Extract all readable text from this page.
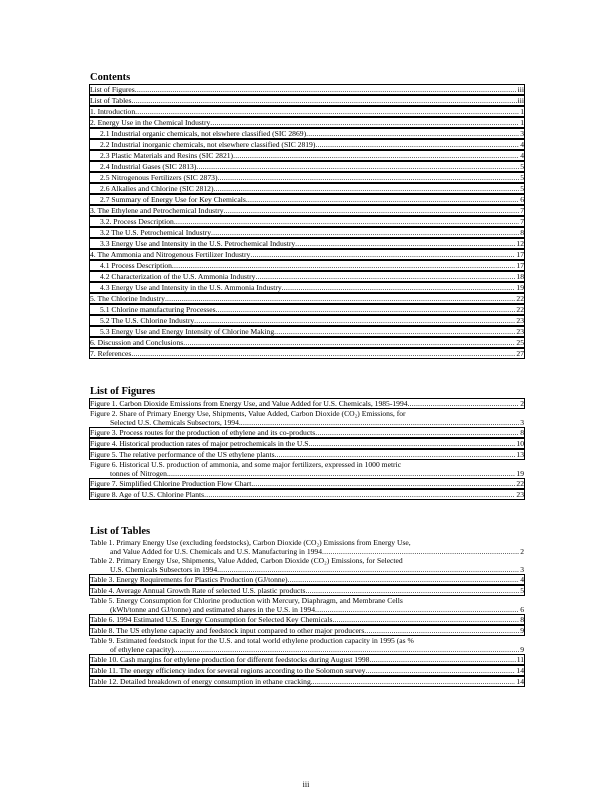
Contents
List of Figures .....	iii
List of Tables .....	iii
1. Introduction .....	1
2. Energy Use in the Chemical Industry .....	1
2.1 Industrial organic chemicals, not elswhere classified (SIC 2869) .....	3
2.2 Industrial inorganic chemicals, not elsewhere classified (SIC 2819) .....	4
2.3 Plastic Materials and Resins (SIC 2821) .....	4
2.4 Industrial Gases (SIC 2813) .....	5
2.5 Nitrogenous Fertilizers (SIC 2873) .....	5
2.6 Alkalies and Chlorine (SIC 2812) .....	5
2.7 Summary of Energy Use for Key Chemicals .....	6
3. The Ethylene and Petrochemical Industry .....	7
3.2. Process Description .....	7
3.2 The U.S. Petrochemical Industry .....	8
3.3 Energy Use and Intensity in the U.S. Petrochemical Industry .....	12
4. The Ammonia and Nitrogenous Fertilizer Industry .....	17
4.1 Process Description .....	17
4.2 Characterization of the U.S. Ammonia Industry .....	18
4.3 Energy Use and Intensity in the U.S. Ammonia Industry .....	19
5. The Chlorine Industry .....	22
5.1 Chlorine manufacturing Processes .....	22
5.2 The U.S. Chlorine Industry .....	23
5.3 Energy Use and Energy Intensity of Chlorine Making .....	23
6. Discussion and Conclusions .....	25
7. References .....	27
List of Figures
Figure 1. Carbon Dioxide Emissions from Energy Use, and Value Added for U.S. Chemicals, 1985-1994 .....	2
Figure 2. Share of Primary Energy Use, Shipments, Value Added, Carbon Dioxide (CO₂) Emissions, for
Selected U.S. Chemicals Subsectors, 1994. .....	3
Figure 3. Process routes for the production of ethylene and its co-products .....	8
Figure 4. Historical production rates of major petrochemicals in the U.S. .....	10
Figure 5. The relative performance of the US ethylene plants. .....	13
Figure 6. Historical U.S. production of ammonia, and some major fertilizers, expressed in 1000 metric
tonnes of Nitrogen. .....	19
Figure 7. Simplified Chlorine Production Flow Chart. .....	22
Figure 8. Age of U.S. Chlorine Plants .....	23
List of Tables
Table 1. Primary Energy Use (excluding feedstocks), Carbon Dioxide (CO₂) Emissions from Energy Use,
and Value Added for U.S. Chemicals and U.S. Manufacturing in 1994 .....	2
Table 2. Primary Energy Use, Shipments, Value Added, Carbon Dioxide (CO₂) Emissions, for Selected
U.S. Chemicals Subsectors in 1994. .....	3
Table 3. Energy Requirements for Plastics Production (GJ/tonne) .....	4
Table 4. Average Annual Growth Rate of selected U.S. plastic products .....	5
Table 5. Energy Consumption for Chlorine production with Mercury, Diaphragm, and Membrane Cells
(kWh/tonne and GJ/tonne) and estimated shares in the U.S. in 1994 .....	6
Table 6. 1994 Estimated U.S. Energy Consumption for Selected Key Chemicals. .....	8
Table 8. The US ethylene capacity and feedstock input compared to other major producers .....	9
Table 9. Estimated feedstock input for the U.S. and total world ethylene production capacity in 1995 (as %
of ethylene capacity). .....	9
Table 10. Cash margins for ethylene production for different feedstocks during August 1998 .....	11
Table 11. The energy efficiency index for several regions according to the Solomon survey .....	14
Table 12. Detailed breakdown of energy consumption in ethane cracking. .....	14
iii
